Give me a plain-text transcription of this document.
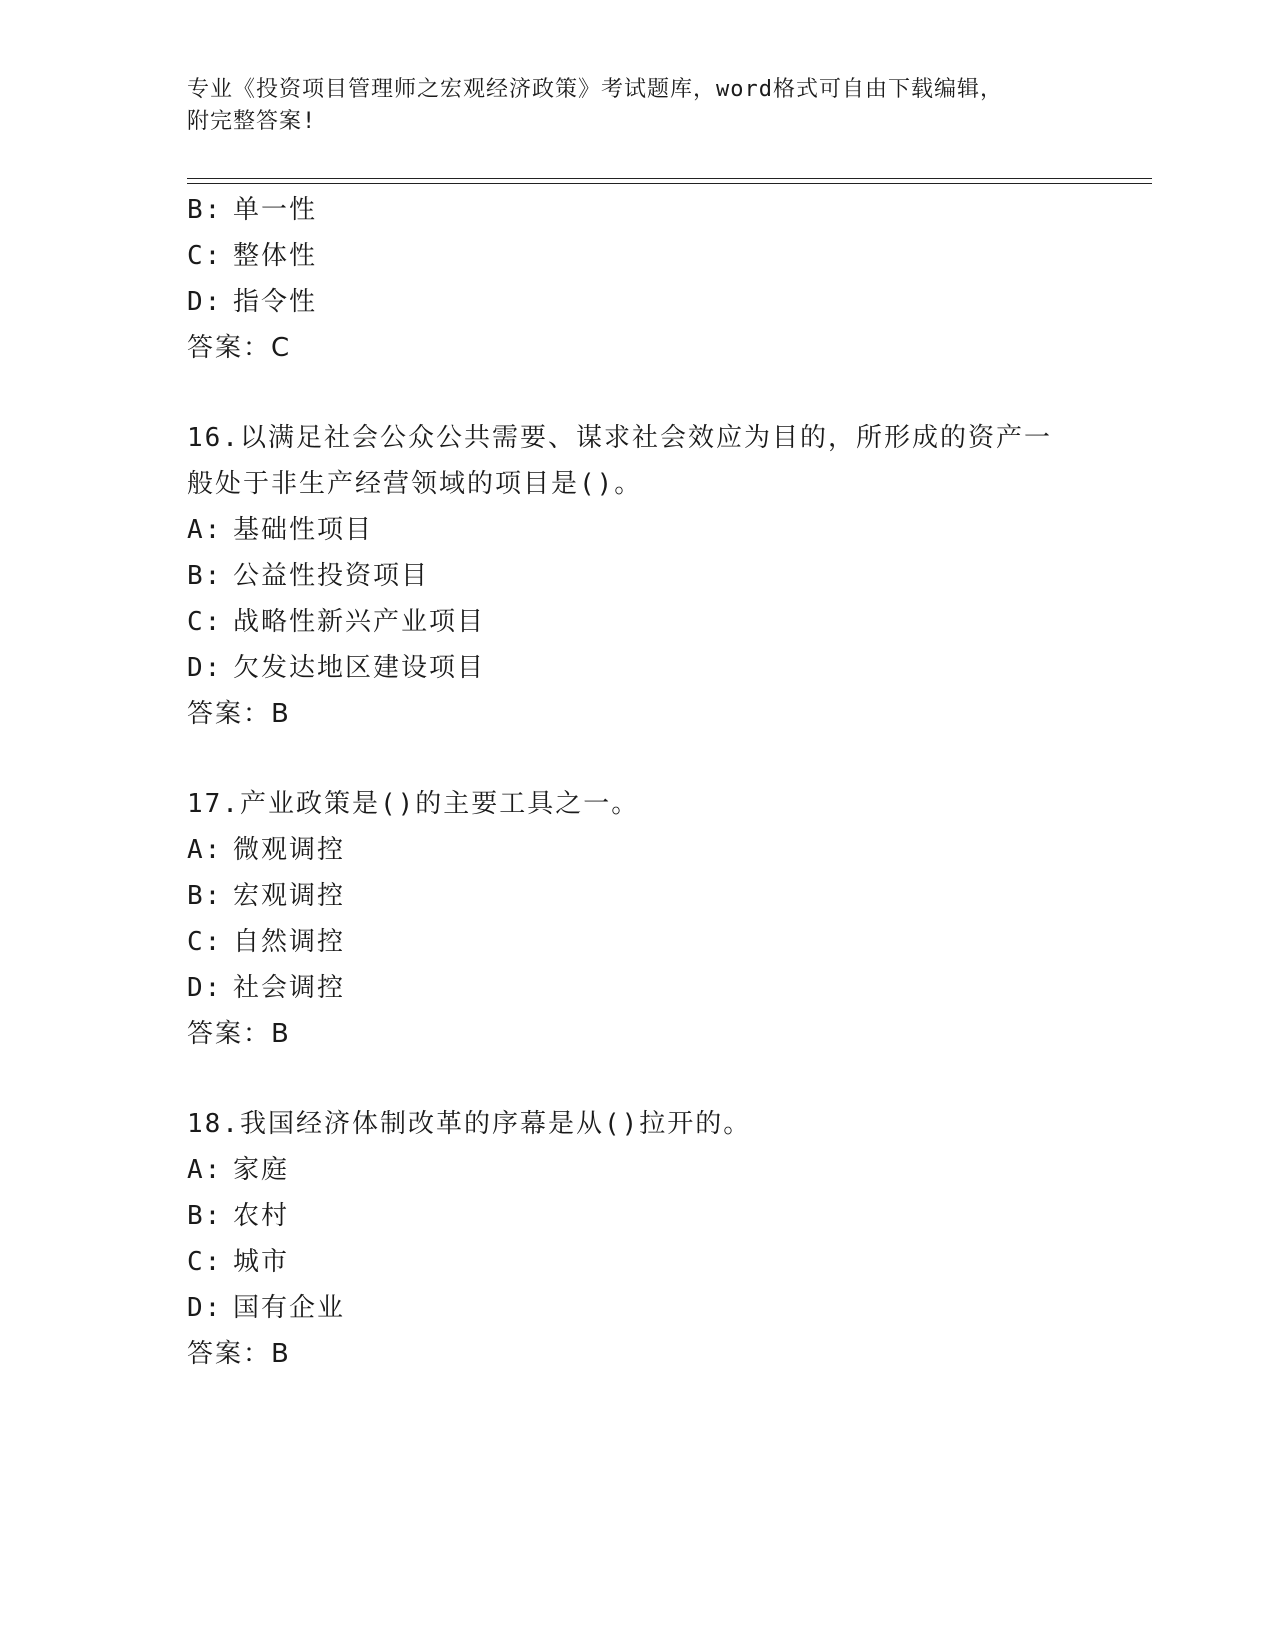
专业《投资项目管理师之宏观经济政策》考试题库，word格式可自由下载编辑，
附完整答案!
B: 单一性
C: 整体性
D: 指令性
答案：C
16.以满足社会公众公共需要、谋求社会效应为目的，所形成的资产一
般处于非生产经营领域的项目是()。
A: 基础性项目
B: 公益性投资项目
C: 战略性新兴产业项目
D: 欠发达地区建设项目
答案：B
17.产业政策是()的主要工具之一。
A: 微观调控
B: 宏观调控
C: 自然调控
D: 社会调控
答案：B
18.我国经济体制改革的序幕是从()拉开的。
A: 家庭
B: 农村
C: 城市
D: 国有企业
答案：B
